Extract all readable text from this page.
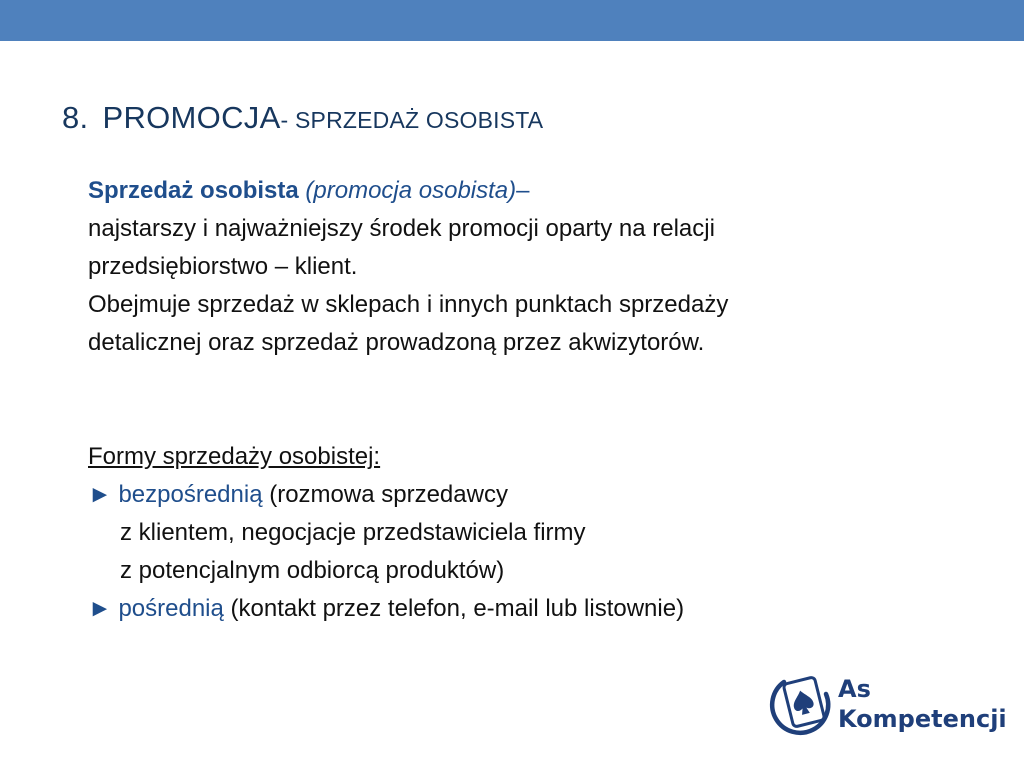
8. PROMOCJA- SPRZEDAŻ OSOBISTA
Sprzedaż osobista (promocja osobista)–
najstarszy i najważniejszy środek promocji oparty na relacji
przedsiębiorstwo – klient.
Obejmuje sprzedaż w sklepach i innych punktach sprzedaży
detalicznej oraz sprzedaż prowadzoną przez akwizytorów.
Formy sprzedaży osobistej:
► bezpośrednią (rozmowa sprzedawcy
z klientem, negocjacje przedstawiciela firmy
z potencjalnym odbiorcą produktów)
► pośrednią (kontakt przez telefon, e-mail lub listownie)
As
Kompetencji
